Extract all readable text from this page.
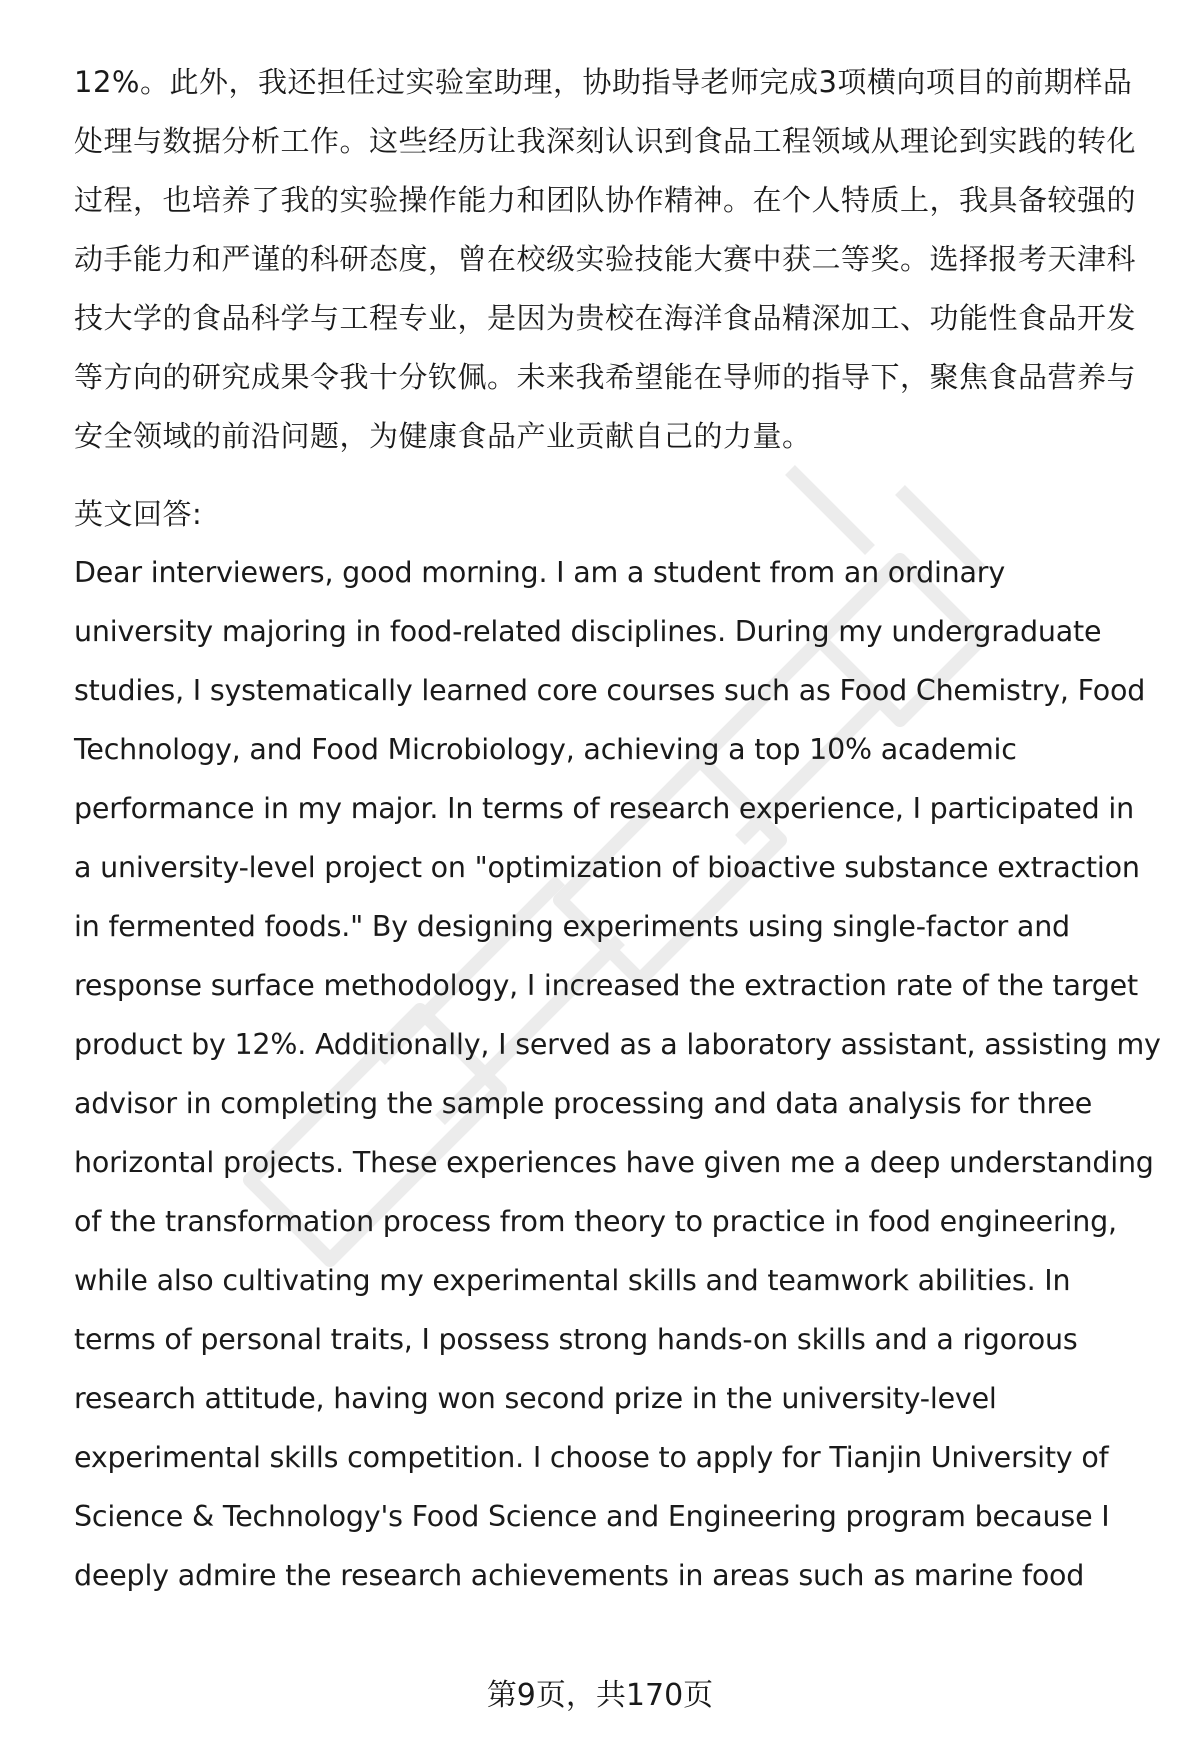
12%。此外，我还担任过实验室助理，协助指导老师完成3项横向项目的前期样品
处理与数据分析工作。这些经历让我深刻认识到食品工程领域从理论到实践的转化
过程，也培养了我的实验操作能力和团队协作精神。在个人特质上，我具备较强的
动手能力和严谨的科研态度，曾在校级实验技能大赛中获二等奖。选择报考天津科
技大学的食品科学与工程专业，是因为贵校在海洋食品精深加工、功能性食品开发
等方向的研究成果令我十分钦佩。未来我希望能在导师的指导下，聚焦食品营养与
安全领域的前沿问题，为健康食品产业贡献自己的力量。
英文回答:
Dear interviewers, good morning. I am a student from an ordinary
university majoring in food-related disciplines. During my undergraduate
studies, I systematically learned core courses such as Food Chemistry, Food
Technology, and Food Microbiology, achieving a top 10% academic
performance in my major. In terms of research experience, I participated in
a university-level project on "optimization of bioactive substance extraction
in fermented foods." By designing experiments using single-factor and
response surface methodology, I increased the extraction rate of the target
product by 12%. Additionally, I served as a laboratory assistant, assisting my
advisor in completing the sample processing and data analysis for three
horizontal projects. These experiences have given me a deep understanding
of the transformation process from theory to practice in food engineering,
while also cultivating my experimental skills and teamwork abilities. In
terms of personal traits, I possess strong hands-on skills and a rigorous
research attitude, having won second prize in the university-level
experimental skills competition. I choose to apply for Tianjin University of
Science & Technology's Food Science and Engineering program because I
deeply admire the research achievements in areas such as marine food
第9页，共170页
